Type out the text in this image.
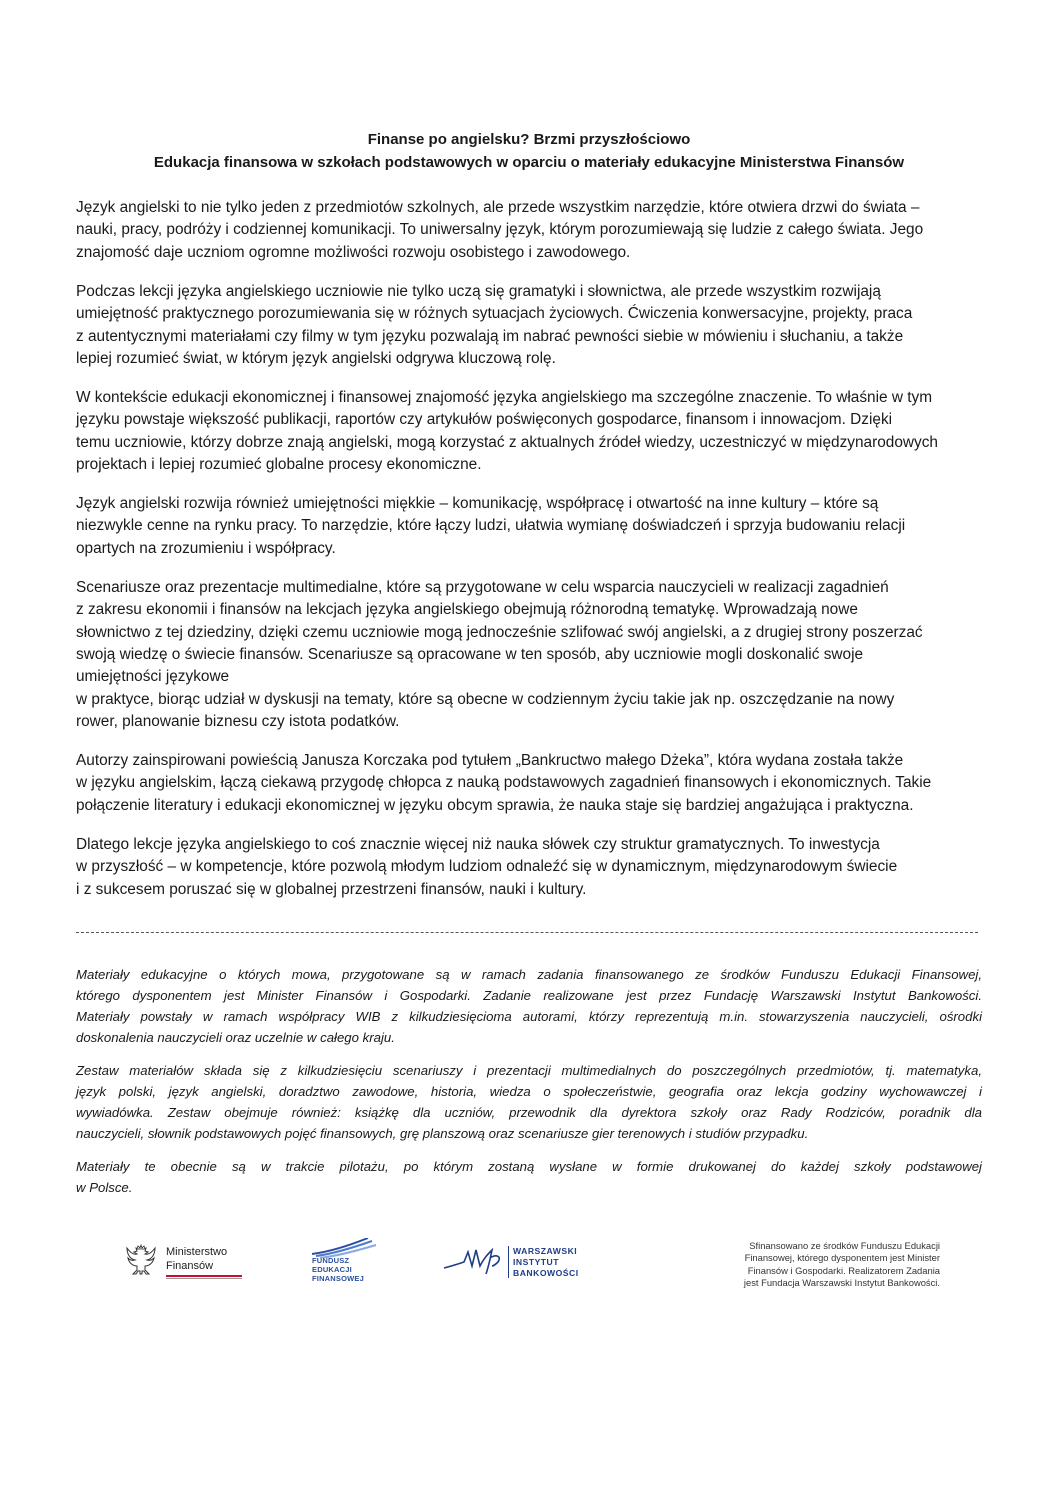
Finanse po angielsku? Brzmi przyszłościowo
Edukacja finansowa w szkołach podstawowych w oparciu o materiały edukacyjne Ministerstwa Finansów

Język angielski to nie tylko jeden z przedmiotów szkolnych, ale przede wszystkim narzędzie, które otwiera drzwi do świata –
nauki, pracy, podróży i codziennej komunikacji. To uniwersalny język, którym porozumiewają się ludzie z całego świata. Jego
znajomość daje uczniom ogromne możliwości rozwoju osobistego i zawodowego.

Podczas lekcji języka angielskiego uczniowie nie tylko uczą się gramatyki i słownictwa, ale przede wszystkim rozwijają
umiejętność praktycznego porozumiewania się w różnych sytuacjach życiowych. Ćwiczenia konwersacyjne, projekty, praca
z autentycznymi materiałami czy filmy w tym języku pozwalają im nabrać pewności siebie w mówieniu i słuchaniu, a także
lepiej rozumieć świat, w którym język angielski odgrywa kluczową rolę.

W kontekście edukacji ekonomicznej i finansowej znajomość języka angielskiego ma szczególne znaczenie. To właśnie w tym
języku powstaje większość publikacji, raportów czy artykułów poświęconych gospodarce, finansom i innowacjom. Dzięki
temu uczniowie, którzy dobrze znają angielski, mogą korzystać z aktualnych źródeł wiedzy, uczestniczyć w międzynarodowych
projektach i lepiej rozumieć globalne procesy ekonomiczne.

Język angielski rozwija również umiejętności miękkie – komunikację, współpracę i otwartość na inne kultury – które są
niezwykle cenne na rynku pracy. To narzędzie, które łączy ludzi, ułatwia wymianę doświadczeń i sprzyja budowaniu relacji
opartych na zrozumieniu i współpracy.

Scenariusze oraz prezentacje multimedialne, które są przygotowane w celu wsparcia nauczycieli w realizacji zagadnień
z zakresu ekonomii i finansów na lekcjach języka angielskiego obejmują różnorodną tematykę. Wprowadzają nowe
słownictwo z tej dziedziny, dzięki czemu uczniowie mogą jednocześnie szlifować swój angielski, a z drugiej strony poszerzać
swoją wiedzę o świecie finansów. Scenariusze są opracowane w ten sposób, aby uczniowie mogli doskonalić swoje
umiejętności językowe
w praktyce, biorąc udział w dyskusji na tematy, które są obecne w codziennym życiu takie jak np. oszczędzanie na nowy
rower, planowanie biznesu czy istota podatków.

Autorzy zainspirowani powieścią Janusza Korczaka pod tytułem „Bankructwo małego Dżeka”, która wydana została także
w języku angielskim, łączą ciekawą przygodę chłopca z nauką podstawowych zagadnień finansowych i ekonomicznych. Takie
połączenie literatury i edukacji ekonomicznej w języku obcym sprawia, że nauka staje się bardziej angażująca i praktyczna.

Dlatego lekcje języka angielskiego to coś znacznie więcej niż nauka słówek czy struktur gramatycznych. To inwestycja
w przyszłość – w kompetencje, które pozwolą młodym ludziom odnaleźć się w dynamicznym, międzynarodowym świecie
i z sukcesem poruszać się w globalnej przestrzeni finansów, nauki i kultury.

Materiały edukacyjne o których mowa, przygotowane są w ramach zadania finansowanego ze środków Funduszu Edukacji Finansowej,
którego dysponentem jest Minister Finansów i Gospodarki. Zadanie realizowane jest przez Fundację Warszawski Instytut Bankowości.
Materiały powstały w ramach współpracy WIB z kilkudziesięcioma autorami, którzy reprezentują m.in. stowarzyszenia nauczycieli, ośrodki
doskonalenia nauczycieli oraz uczelnie w całego kraju.

Zestaw materiałów składa się z kilkudziesięciu scenariuszy i prezentacji multimedialnych do poszczególnych przedmiotów, tj. matematyka,
język polski, język angielski, doradztwo zawodowe, historia, wiedza o społeczeństwie, geografia oraz lekcja godziny wychowawczej i
wywiadówka. Zestaw obejmuje również: książkę dla uczniów, przewodnik dla dyrektora szkoły oraz Rady Rodziców, poradnik dla
nauczycieli, słownik podstawowych pojęć finansowych, grę planszową oraz scenariusze gier terenowych i studiów przypadku.

Materiały te obecnie są w trakcie pilotażu, po którym zostaną wysłane w formie drukowanej do każdej szkoły podstawowej
w Polsce.

Ministerstwo
Finansów	FUNDUSZ
EDUKACJI
FINANSOWEJ
WARSZAWSKI
INSTYTUT
BANKOWOŚCI
Sfinansowano ze środków Funduszu Edukacji
Finansowej, którego dysponentem jest Minister
Finansów i Gospodarki. Realizatorem Zadania
jest Fundacja Warszawski Instytut Bankowości.
